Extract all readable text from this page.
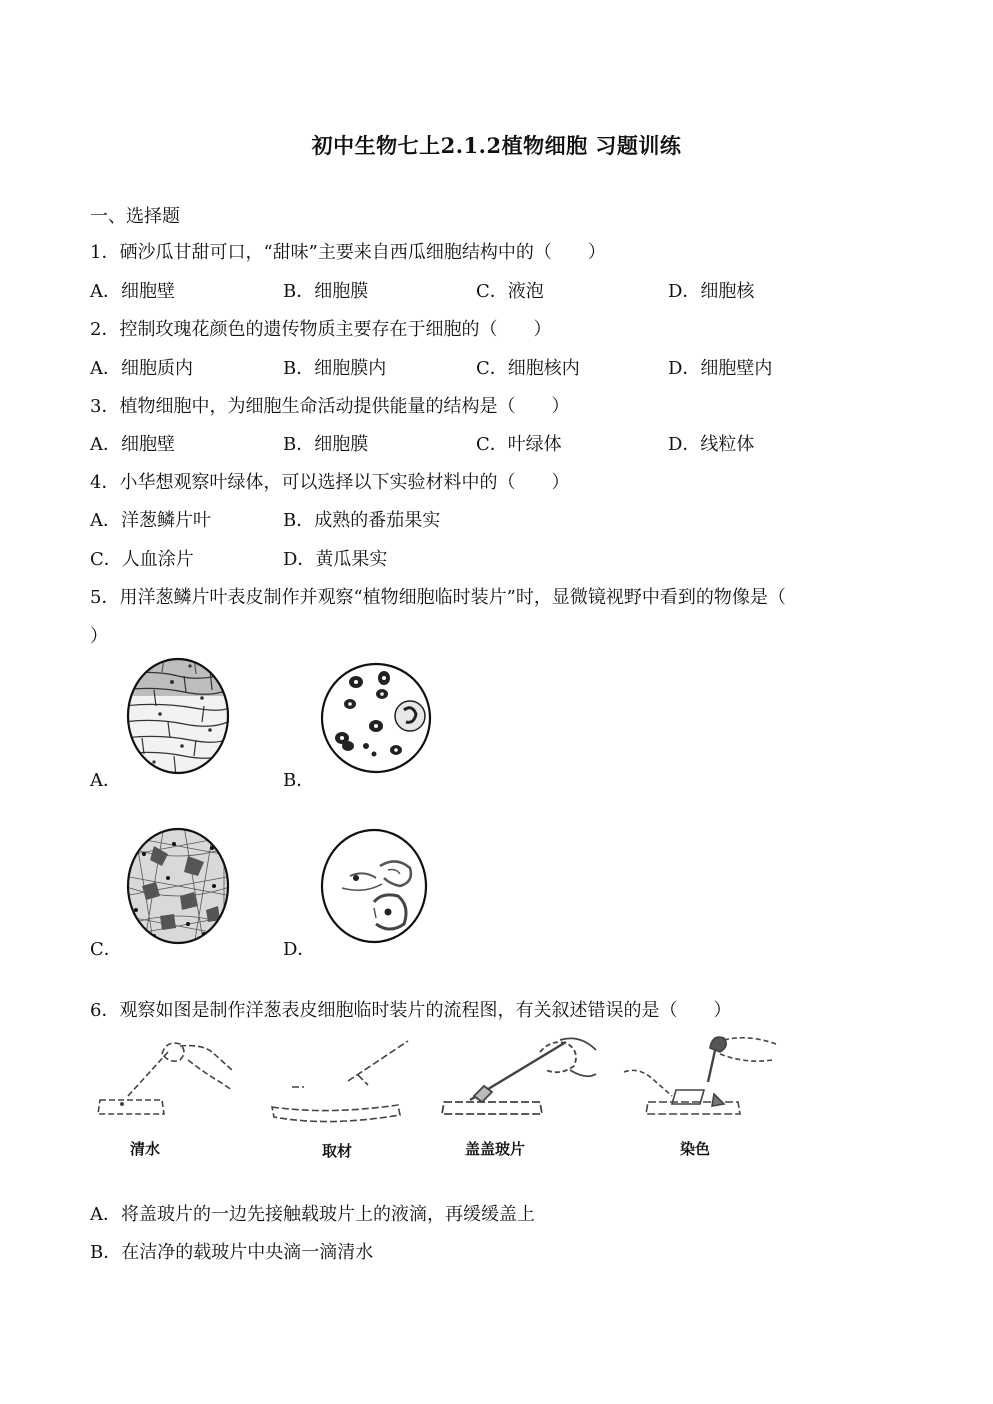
初中生物七上2.1.2植物细胞 习题训练
一、选择题
1．硒沙瓜甘甜可口，“甜味”主要来自西瓜细胞结构中的（　　）
A．细胞壁	B．细胞膜	C．液泡	D．细胞核
2．控制玫瑰花颜色的遗传物质主要存在于细胞的（　　）
A．细胞质内	B．细胞膜内	C．细胞核内	D．细胞壁内
3．植物细胞中，为细胞生命活动提供能量的结构是（　　）
A．细胞壁	B．细胞膜	C．叶绿体	D．线粒体
4．小华想观察叶绿体，可以选择以下实验材料中的（　　）
A．洋葱鳞片叶	B．成熟的番茄果实
C．人血涂片	D．黄瓜果实
5．用洋葱鳞片叶表皮制作并观察“植物细胞临时装片”时，显微镜视野中看到的物像是（
）
A．	B．
C．	D．
6．观察如图是制作洋葱表皮细胞临时装片的流程图，有关叙述错误的是（　　）
清水	取材	盖盖玻片	染色
A．将盖玻片的一边先接触载玻片上的液滴，再缓缓盖上
B．在洁净的载玻片中央滴一滴清水
